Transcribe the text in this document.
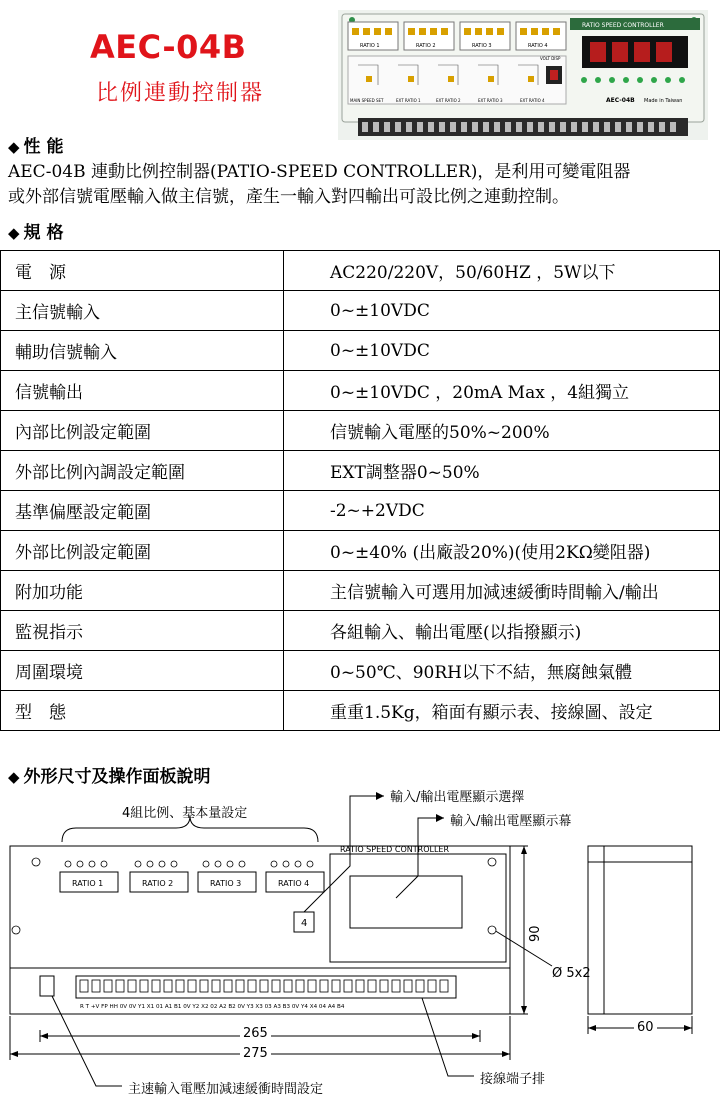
AEC-04B
比例連動控制器
RATIO 1	RATIO 2	RATIO 3	RATIO 4
MAIN SPEED SET	EXT RATIO 1	EXT RATIO 2	EXT RATIO 3	EXT RATIO 4
VOLT DISP
RATIO SPEED CONTROLLER
AEC-04B Made in Taiwan
◆ 性 能
AEC-04B 連動比例控制器(PATIO-SPEED CONTROLLER)，是利用可變電阻器
或外部信號電壓輸入做主信號，產生一輸入對四輸出可設比例之連動控制。
◆ 規 格
電　源	AC220/220V，50/60HZ ，5W以下
主信號輸入	0~±10VDC
輔助信號輸入	0~±10VDC
信號輸出	0~±10VDC ，20mA Max ，4組獨立
內部比例設定範圍	信號輸入電壓的50%~200%
外部比例內調設定範圍	EXT調整器0~50%
基準偏壓設定範圍	-2~+2VDC
外部比例設定範圍	0~±40% (出廠設20%)(使用2KΩ變阻器)
附加功能	主信號輸入可選用加減速緩衝時間輸入/輸出
監視指示	各組輸入、輸出電壓(以指撥顯示)
周圍環境	0~50℃、90RH以下不結，無腐蝕氣體
型　態	重重1.5Kg，箱面有顯示表、接線圖、設定
◆ 外形尺寸及操作面板說明
RATIO SPEED CONTROLLER
RATIO 1	RATIO 2	RATIO 3	RATIO 4
4
R T +V FP HH 0V 0V Y1 X1 01 A1 B1 0V Y2 X2 02 A2 B2 0V Y3 X3 03 A3 B3 0V Y4 X4 04 A4 B4
4組比例、基本量設定
輸入/輸出電壓顯示選擇
輸入/輸出電壓顯示幕
主速輸入電壓加減速緩衝時間設定
接線端子排
265
275
90
60
Ø 5x2
